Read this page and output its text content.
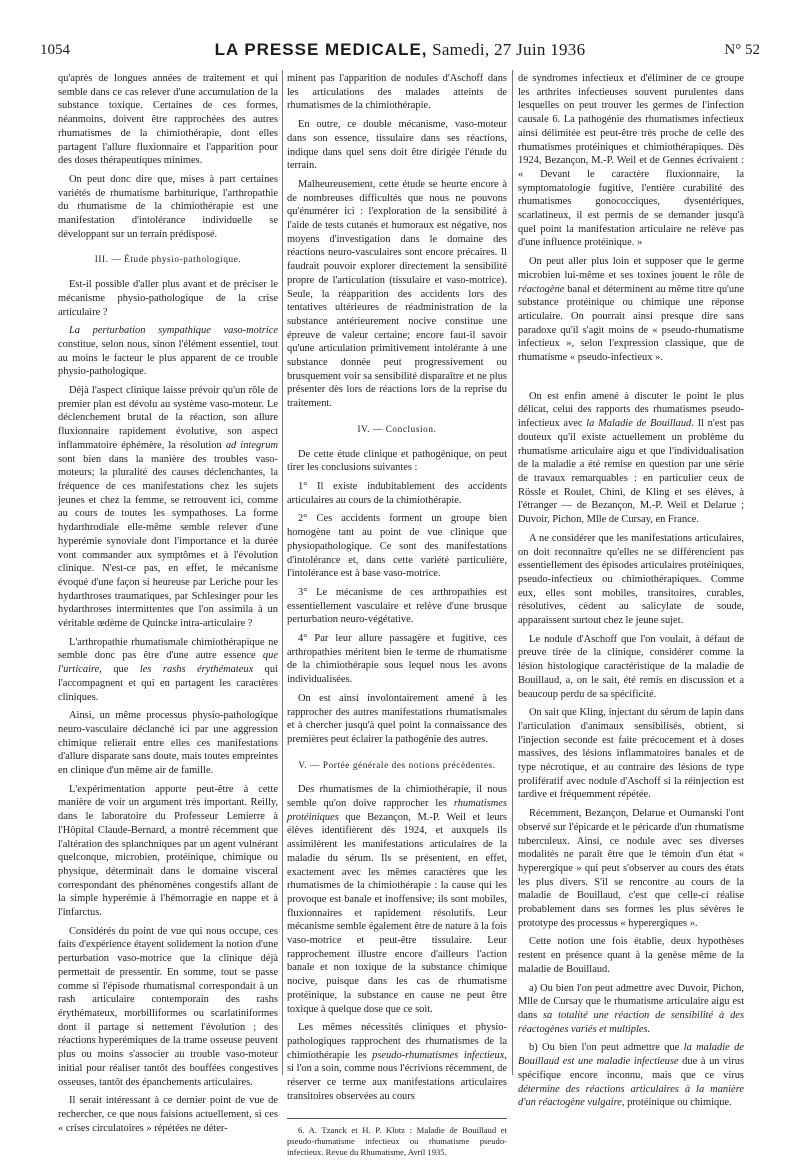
1054	LA PRESSE MEDICALE, Samedi, 27 Juin 1936	N° 52

qu'après de longues années de traitement et qui semble dans ce cas relever d'une accumulation de la substance toxique. Certaines de ces formes, néanmoins, doivent être rapprochées des autres rhumatismes de la chimiothérapie, dont elles partagent l'allure fluxionnaire et l'apparition pour des doses thérapeutiques minimes.

On peut donc dire que, mises à part certaines variétés de rhumatisme barbiturique, l'arthropathie du rhumatisme de la chimiothérapie est une manifestation d'intolérance individuelle se développant sur un terrain prédisposé.

III. — Étude physio-pathologique.

Est-il possible d'aller plus avant et de préciser le mécanisme physio-pathologique de la crise articulaire ?

La perturbation sympathique vaso-motrice constitue, selon nous, sinon l'élément essentiel, tout au moins le facteur le plus apparent de ce trouble physio-pathologique.

Déjà l'aspect clinique laisse prévoir qu'un rôle de premier plan est dévolu au système vaso-moteur. Le déclenchement brutal de la réaction, son allure fluxionnaire rapidement évolutive, son aspect inflammatoire éphémère, la résolution ad integrum sont bien dans la manière des troubles vaso-moteurs; la pluralité des causes déclenchantes, la fréquence de ces manifestations chez les sujets jeunes et chez la femme, se retrouvent ici, comme au cours de toutes les sympathoses. La forme hydarthrodiale elle-même semble relever d'une hyperémie synoviale dont l'importance et la durée vont commander aux symptômes et à l'évolution clinique. N'est-ce pas, en effet, le mécanisme évoqué d'une façon si heureuse par Leriche pour les hydarthroses traumatiques, par Schlesinger pour les hydarthroses intermittentes que l'on assimila à un véritable œdème de Quincke intra-articulaire ?

L'arthropathie rhumatismale chimiothérapique ne semble donc pas être d'une autre essence que l'urticaire, que les rashs érythémateux qui l'accompagnent et qui en partagent les caractères cliniques.

Ainsi, un même processus physio-pathologique neuro-vasculaire déclanché ici par une aggression chimique relierait entre elles ces manifestations d'allure disparate sans doute, mais toutes empreintes en clinique d'un même air de famille.

L'expérimentation apporte peut-être à cette manière de voir un argument très important. Reilly, dans le laboratoire du Professeur Lemierre à l'Hôpital Claude-Bernard, a montré récemment que l'altération des splanchniques par un agent vulnérant quelconque, microbien, protéinique, chimique ou physique, déterminait dans le domaine visceral correspondant des phénomènes congestifs allant de la simple hyperémie à l'hémorragie en nappe et à l'infarctus.

Considérés du point de vue qui nous occupe, ces faits d'expérience étayent solidement la notion d'une perturbation vaso-motrice que la clinique déjà permettait de pressentir. En somme, tout se passe comme si l'épisode rhumatismal correspondait à un rash articulaire contemporain des rashs érythémateux, morbilliformes ou scarlatiniformes dont il partage si nettement l'évolution ; des réactions hyperémiques de la trame osseuse peuvent plus ou moins s'associer au trouble vaso-moteur initial pour réaliser tantôt des bouffées congestives osseuses, tantôt des épanchements articulaires.

Il serait intéressant à ce dernier point de vue de rechercher, ce que nous faisions actuellement, si ces « crises circulatoires » répétées ne déter-

minent pas l'apparition de nodules d'Aschoff dans les articulations des malades atteints de rhumatismes de la chimiothérapie.

En outre, ce double mécanisme, vaso-moteur dans son essence, tissulaire dans ses réactions, indique dans quel sens doit être dirigée l'étude du terrain.

Malheureusement, cette étude se heurte encore à de nombreuses difficultés que nous ne pouvons qu'énumérer ici : l'exploration de la sensibilité à l'aide de tests cutanés et humoraux est négative, nos moyens d'investigation dans le domaine des réactions neuro-vasculaires sont encore précaires. Il faudrait pouvoir explorer directement la sensibilité propre de l'articulation (tissulaire et vaso-motrice). Seule, la réapparition des accidents lors des tentatives ultérieures de réadministration de la substance antérieurement nocive constitue une épreuve de valeur certaine; encore faut-il savoir qu'une articulation primitivement intolérante à une substance donnée peut progressivement ou brusquement voir sa sensibilité disparaître et ne plus présenter dès lors de réactions lors de la reprise du traitement.

IV. — Conclusion.

De cette étude clinique et pathogénique, on peut tirer les conclusions suivantes :

1° Il existe indubitablement des accidents articulaires au cours de la chimiothérapie.

2° Ces accidents forment un groupe bien homogène tant au point de vue clinique que physiopathologique. Ce sont des manifestations d'intolérance et, dans cette variété particulière, l'intolérance est à base vaso-motrice.

3° Le mécanisme de ces arthropathies est essentiellement vasculaire et relève d'une brusque perturbation neuro-végétative.

4° Par leur allure passagère et fugitive, ces arthropathies méritent bien le terme de rhumatisme de la chimiothérapie sous lequel nous les avons individualisées.

On est ainsi involontairement amené à les rapprocher des autres manifestations rhumatismales et à chercher jusqu'à quel point la connaissance des premières peut éclairer la pathogénie des autres.

V. — Portée générale des notions précédentes.

Des rhumatismes de la chimiothérapie, il nous semble qu'on doive rapprocher les rhumatismes protéiniques que Bezançon, M.-P. Weil et leurs élèves identifièrent dès 1924, et auxquels ils assimilèrent les manifestations articulaires de la maladie du sérum. Ils se présentent, en effet, exactement avec les mêmes caractères que les rhumatismes de la chimiothérapie : la cause qui les provoque est banale et inoffensive; ils sont mobiles, fluxionnaires et rapidement résolutifs. Leur mécanisme semble également être de nature à la fois vaso-motrice et peut-être tissulaire. Leur rapprochement illustre encore d'ailleurs l'action banale et non toxique de la substance chimique nocive, puisque dans les cas de rhumatisme protéinique, la substance en cause ne peut être toxique à quelque dose que ce soit.

Les mêmes nécessités cliniques et physio-pathologiques rapprochent des rhumatismes de la chimiothérapie les pseudo-rhumatismes infectieux, si l'on a soin, comme nous l'écrivions récemment, de réserver ce terme aux manifestations articulaires transitoires observées au cours

6. A. Tzanck et H. P. Klotz : Maladie de Bouillaud et pseudo-rhumatisme infectieux ou rhumatisme pseudo-infectieux. Revue du Rhumatisme, Avril 1935.

de syndromes infectieux et d'éliminer de ce groupe les arthrites infectieuses souvent purulentes dans lesquelles on peut trouver les germes de l'infection causale 6. La pathogénie des rhumatismes infectieux ainsi délimitée est peut-être très proche de celle des rhumatismes protéiniques et chimiothérapiques. Dès 1924, Bezançon, M.-P. Weil et de Gennes écrivaient : « Devant le caractère fluxionnaire, la symptomatologie fugitive, l'entière curabilité des rhumatismes gonococciques, dysentériques, scarlatineux, il est permis de se demander jusqu'à quel point la manifestation articulaire ne relève pas d'une influence protéinique. »

On peut aller plus loin et supposer que le germe microbien lui-même et ses toxines jouent le rôle de réactogène banal et déterminent au même titre qu'une substance protéinique ou chimique une réponse articulaire. On pourrait ainsi presque dire sans paradoxe qu'il s'agit moins de « pseudo-rhumatisme infectieux », selon l'expression classique, que de rhumatisme « pseudo-infectieux ».

On est enfin amené à discuter le point le plus délicat, celui des rapports des rhumatismes pseudo-infectieux avec la Maladie de Bouillaud. Il n'est pas douteux qu'il existe actuellement un problème du rhumatisme articulaire aigu et que l'individualisation de la maladie a été remise en question par une série de travaux remarquables : en particulier ceux de Rössle et Roulet, Chini, de Kling et ses élèves, à l'étranger — de Bezançon, M.-P. Weil et Delarue ; Duvoir, Pichon, Mlle de Cursay, en France.

A ne considérer que les manifestations articulaires, on doit reconnaître qu'elles ne se différencient pas essentiellement des épisodes articulaires protéiniques, pseudo-infectieux ou chimiothérapiques. Comme eux, elles sont mobiles, transitoires, curables, résolutives, cèdent au salicylate de soude, apparaissent surtout chez le jeune sujet.

Le nodule d'Aschoff que l'on voulait, à défaut de preuve tirée de la clinique, considérer comme la lésion histologique caractéristique de la maladie de Bouillaud, a, on le sait, été remis en discussion et a beaucoup perdu de sa spécificité.

On sait que Kling, injectant du sérum de lapin dans l'articulation d'animaux sensibilisés, obtient, si l'injection seconde est faite précocement et à doses massives, des lésions inflammatoires banales et de type nécrotique, et au contraire des lésions de type prolifératif avec nodule d'Aschoff si la réinjection est tardive et fréquemment répétée.

Récemment, Bezançon, Delarue et Oumanski l'ont observé sur l'épicarde et le péricarde d'un rhumatisme tuberculeux. Ainsi, ce nodule avec ses diverses modalités ne paraît être que le témoin d'un état « hyperergique » qui peut s'observer au cours des états les plus divers. S'il se rencontre au cours de la maladie de Bouillaud, c'est que celle-ci réalise probablement dans ses formes les plus sévères le prototype des processus « hyperergiques ».

Cette notion une fois établie, deux hypothèses restent en présence quant à la genèse même de la maladie de Bouillaud.

a) Ou bien l'on peut admettre avec Duvoir, Pichon, Mlle de Cursay que le rhumatisme articulaire aigu est dans sa totalité une réaction de sensibilité à des réactogènes variés et multiples.

b) Ou bien l'on peut admettre que la maladie de Bouillaud est une maladie infectieuse due à un virus spécifique encore inconnu, mais que ce virus détermine des réactions articulaires à la manière d'un réactogène vulgaire, protéinique ou chimique.
